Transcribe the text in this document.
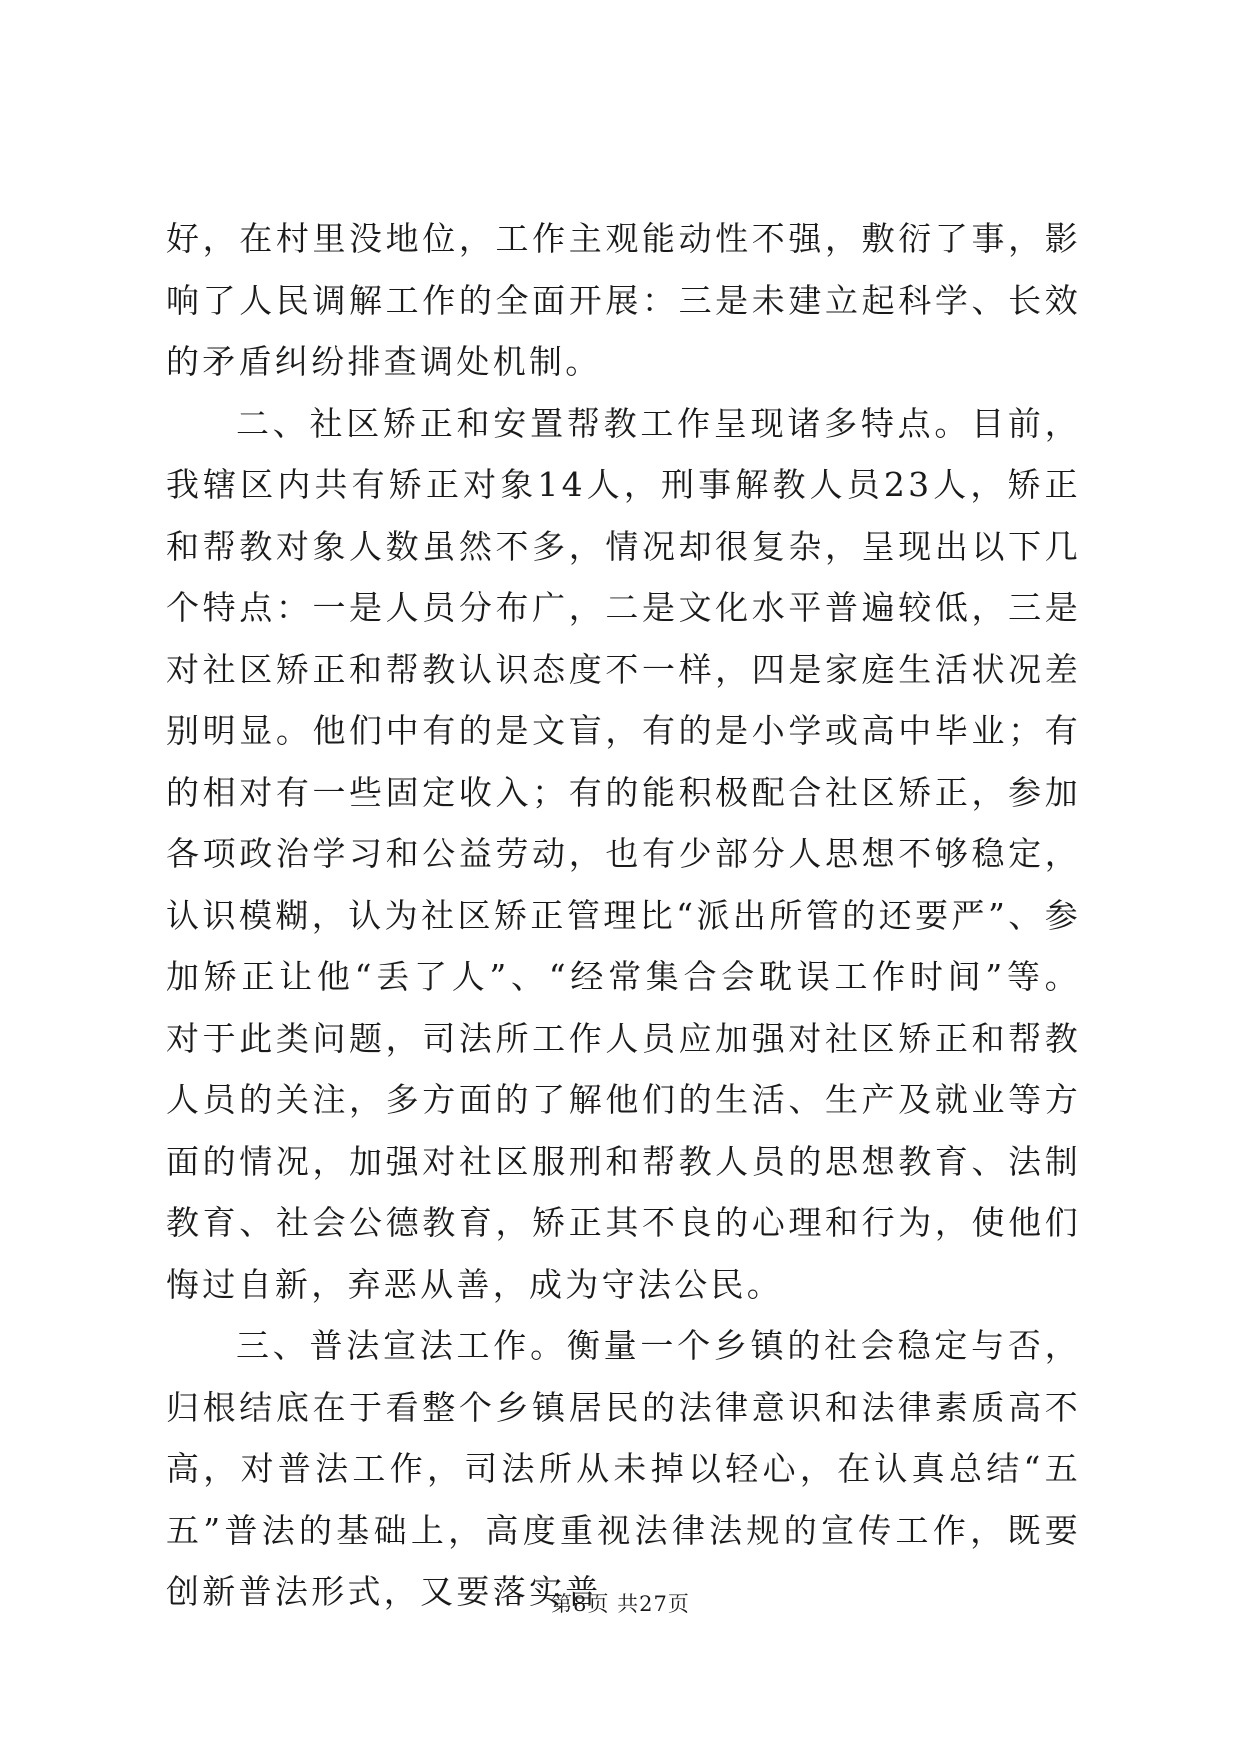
好，在村里没地位，工作主观能动性不强，敷衍了事，影响了人民调解工作的全面开展：三是未建立起科学、长效的矛盾纠纷排查调处机制。

二、社区矫正和安置帮教工作呈现诸多特点。目前，我辖区内共有矫正对象14人，刑事解教人员23人，矫正和帮教对象人数虽然不多，情况却很复杂，呈现出以下几个特点：一是人员分布广，二是文化水平普遍较低，三是对社区矫正和帮教认识态度不一样，四是家庭生活状况差别明显。他们中有的是文盲，有的是小学或高中毕业；有的相对有一些固定收入；有的能积极配合社区矫正，参加各项政治学习和公益劳动，也有少部分人思想不够稳定，认识模糊，认为社区矫正管理比“派出所管的还要严”、参加矫正让他“丢了人”、“经常集合会耽误工作时间”等。对于此类问题，司法所工作人员应加强对社区矫正和帮教人员的关注，多方面的了解他们的生活、生产及就业等方面的情况，加强对社区服刑和帮教人员的思想教育、法制教育、社会公德教育，矫正其不良的心理和行为，使他们悔过自新，弃恶从善，成为守法公民。

三、普法宣法工作。衡量一个乡镇的社会稳定与否，归根结底在于看整个乡镇居民的法律意识和法律素质高不高，对普法工作，司法所从未掉以轻心，在认真总结“五五”普法的基础上，高度重视法律法规的宣传工作，既要创新普法形式，又要落实普

第8页 共27页
